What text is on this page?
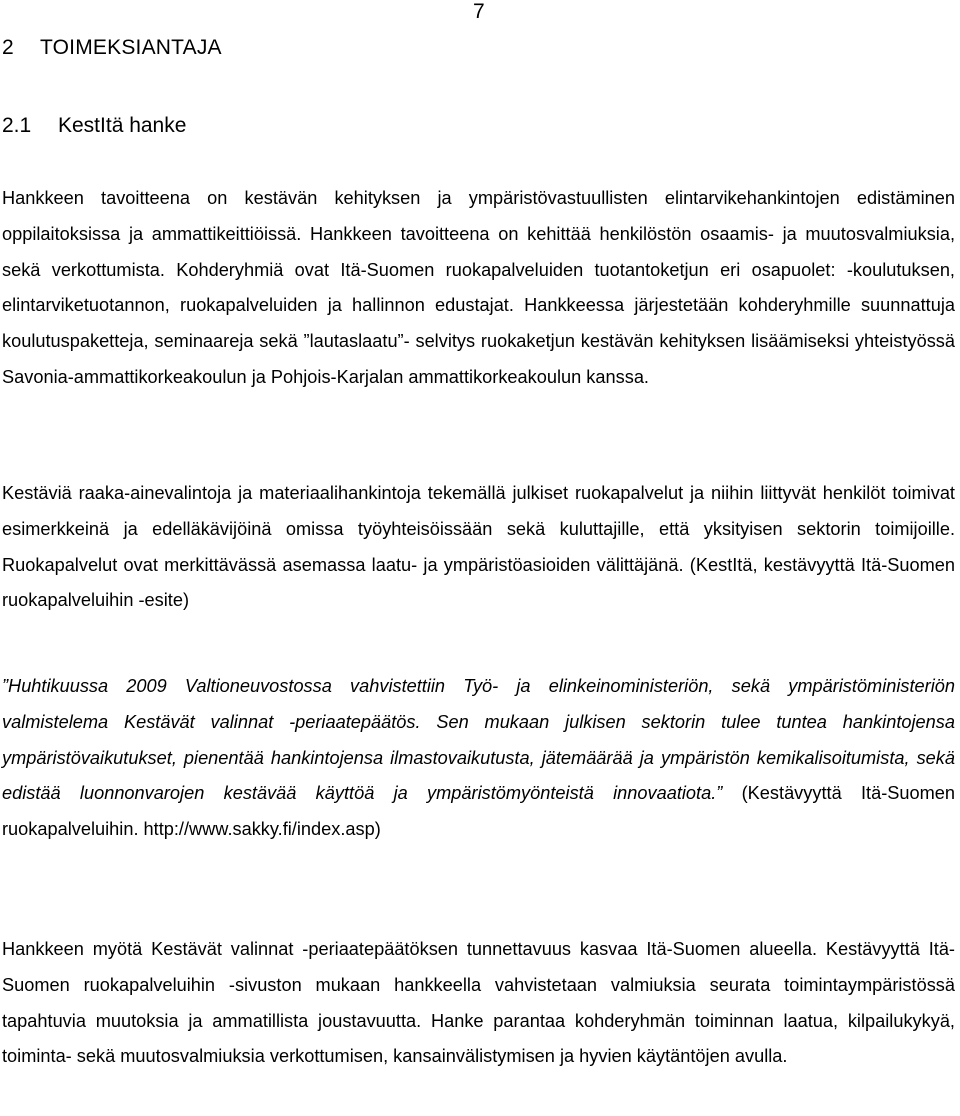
7
2 TOIMEKSIANTAJA
2.1 KestItä hanke

Hankkeen tavoitteena on kestävän kehityksen ja ympäristövastuullisten elintarvikehankintojen edistäminen oppilaitoksissa ja ammattikeittiöissä. Hankkeen tavoitteena on kehittää henkilöstön osaamis- ja muutosvalmiuksia, sekä verkottumista. Kohderyhmiä ovat Itä-Suomen ruokapalveluiden tuotantoketjun eri osapuolet: -koulutuksen, elintarviketuotannon, ruokapalveluiden ja hallinnon edustajat. Hankkeessa järjestetään kohderyhmille suunnattuja koulutuspaketteja, seminaareja sekä ”lautaslaatu”- selvitys ruokaketjun kestävän kehityksen lisäämiseksi yhteistyössä Savonia-ammattikorkeakoulun ja Pohjois-Karjalan ammattikorkeakoulun kanssa.

Kestäviä raaka-ainevalintoja ja materiaalihankintoja tekemällä julkiset ruokapalvelut ja niihin liittyvät henkilöt toimivat esimerkkeinä ja edelläkävijöinä omissa työyhteisöissään sekä kuluttajille, että yksityisen sektorin toimijoille. Ruokapalvelut ovat merkittävässä asemassa laatu- ja ympäristöasioiden välittäjänä. (KestItä, kestävyyttä Itä-Suomen ruokapalveluihin -esite)

”Huhtikuussa 2009 Valtioneuvostossa vahvistettiin Työ- ja elinkeinoministeriön, sekä ympäristöministeriön valmistelema Kestävät valinnat -periaatepäätös. Sen mukaan julkisen sektorin tulee tuntea hankintojensa ympäristövaikutukset, pienentää hankintojensa ilmastovaikutusta, jätemäärää ja ympäristön kemikalisoitumista, sekä edistää luonnonvarojen kestävää käyttöä ja ympäristömyönteistä innovaatiota.” (Kestävyyttä Itä-Suomen ruokapalveluihin. http://www.sakky.fi/index.asp)

Hankkeen myötä Kestävät valinnat -periaatepäätöksen tunnettavuus kasvaa Itä-Suomen alueella. Kestävyyttä Itä-Suomen ruokapalveluihin -sivuston mukaan hankkeella vahvistetaan valmiuksia seurata toimintaympäristössä tapahtuvia muutoksia ja ammatillista joustavuutta. Hanke parantaa kohderyhmän toiminnan laatua, kilpailukykyä, toiminta- sekä muutosvalmiuksia verkottumisen, kansainvälistymisen ja hyvien käytäntöjen avulla.
